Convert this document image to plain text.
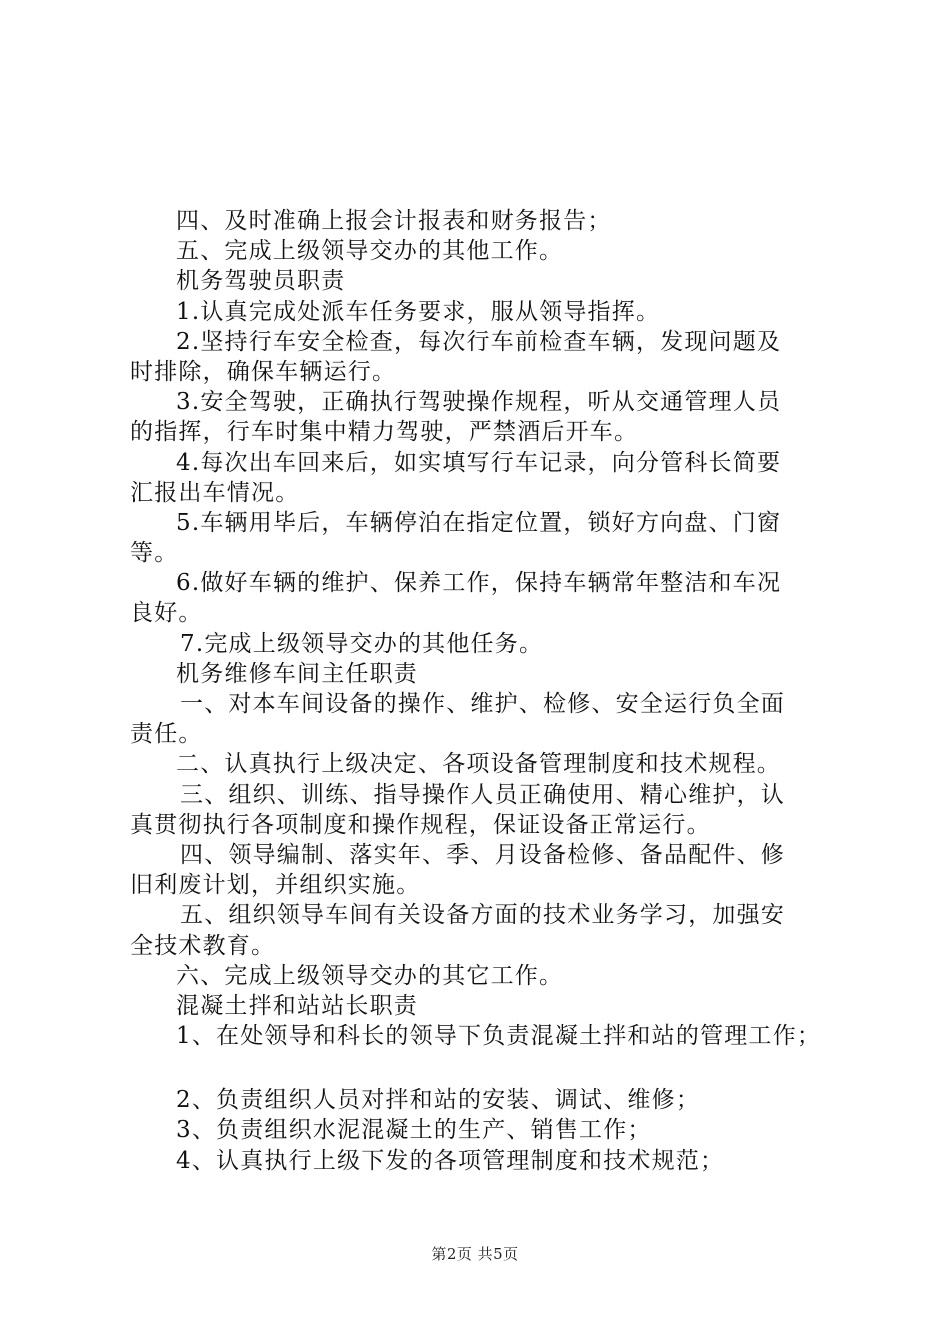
四、及时准确上报会计报表和财务报告；
五、完成上级领导交办的其他工作。
机务驾驶员职责
1.认真完成处派车任务要求，服从领导指挥。
2.坚持行车安全检查，每次行车前检查车辆，发现问题及
时排除，确保车辆运行。
3.安全驾驶，正确执行驾驶操作规程，听从交通管理人员
的指挥，行车时集中精力驾驶，严禁酒后开车。
4.每次出车回来后，如实填写行车记录，向分管科长简要
汇报出车情况。
5.车辆用毕后，车辆停泊在指定位置，锁好方向盘、门窗
等。
6.做好车辆的维护、保养工作，保持车辆常年整洁和车况
良好。
7.完成上级领导交办的其他任务。
机务维修车间主任职责
一、对本车间设备的操作、维护、检修、安全运行负全面
责任。
二、认真执行上级决定、各项设备管理制度和技术规程。
三、组织、训练、指导操作人员正确使用、精心维护，认
真贯彻执行各项制度和操作规程，保证设备正常运行。
四、领导编制、落实年、季、月设备检修、备品配件、修
旧利废计划，并组织实施。
五、组织领导车间有关设备方面的技术业务学习，加强安
全技术教育。
六、完成上级领导交办的其它工作。
混凝土拌和站站长职责
1、在处领导和科长的领导下负责混凝土拌和站的管理工作；
2、负责组织人员对拌和站的安装、调试、维修；
3、负责组织水泥混凝土的生产、销售工作；
4、认真执行上级下发的各项管理制度和技术规范；
第2页 共5页
